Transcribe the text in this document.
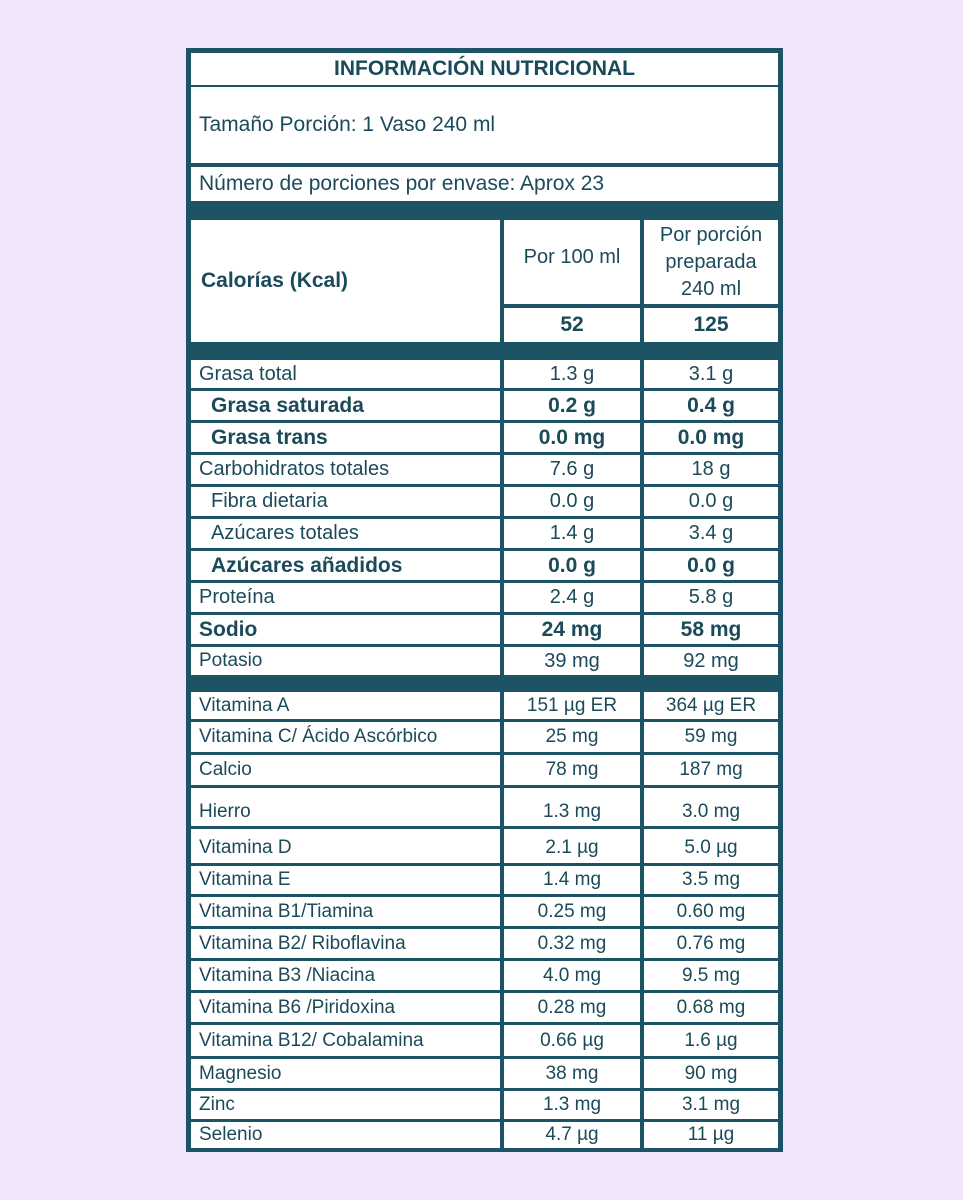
INFORMACIÓN NUTRICIONAL
Tamaño Porción: 1 Vaso 240 ml
Número de porciones por envase: Aprox 23
Calorías (Kcal)
Por 100 ml
Por porción
preparada
240 ml
52	125
Grasa total	1.3 g	3.1 g
Grasa saturada	0.2 g	0.4 g
Grasa trans	0.0 mg	0.0 mg
Carbohidratos totales	7.6 g	18 g
Fibra dietaria	0.0 g	0.0 g
Azúcares totales	1.4 g	3.4 g
Azúcares añadidos	0.0 g	0.0 g
Proteína	2.4 g	5.8 g
Sodio	24 mg	58 mg
Potasio	39 mg	92 mg
Vitamina A	151 µg ER	364 µg ER
Vitamina C/ Ácido Ascórbico	25 mg	59 mg
Calcio	78 mg	187 mg
Hierro	1.3 mg	3.0 mg
Vitamina D	2.1 µg	5.0 µg
Vitamina E	1.4 mg	3.5 mg
Vitamina B1/Tiamina	0.25 mg	0.60 mg
Vitamina B2/ Riboflavina	0.32 mg	0.76 mg
Vitamina B3 /Niacina	4.0 mg	9.5 mg
Vitamina B6 /Piridoxina	0.28 mg	0.68 mg
Vitamina B12/ Cobalamina	0.66 µg	1.6 µg
Magnesio	38 mg	90 mg
Zinc	1.3 mg	3.1 mg
Selenio	4.7 µg	11 µg
